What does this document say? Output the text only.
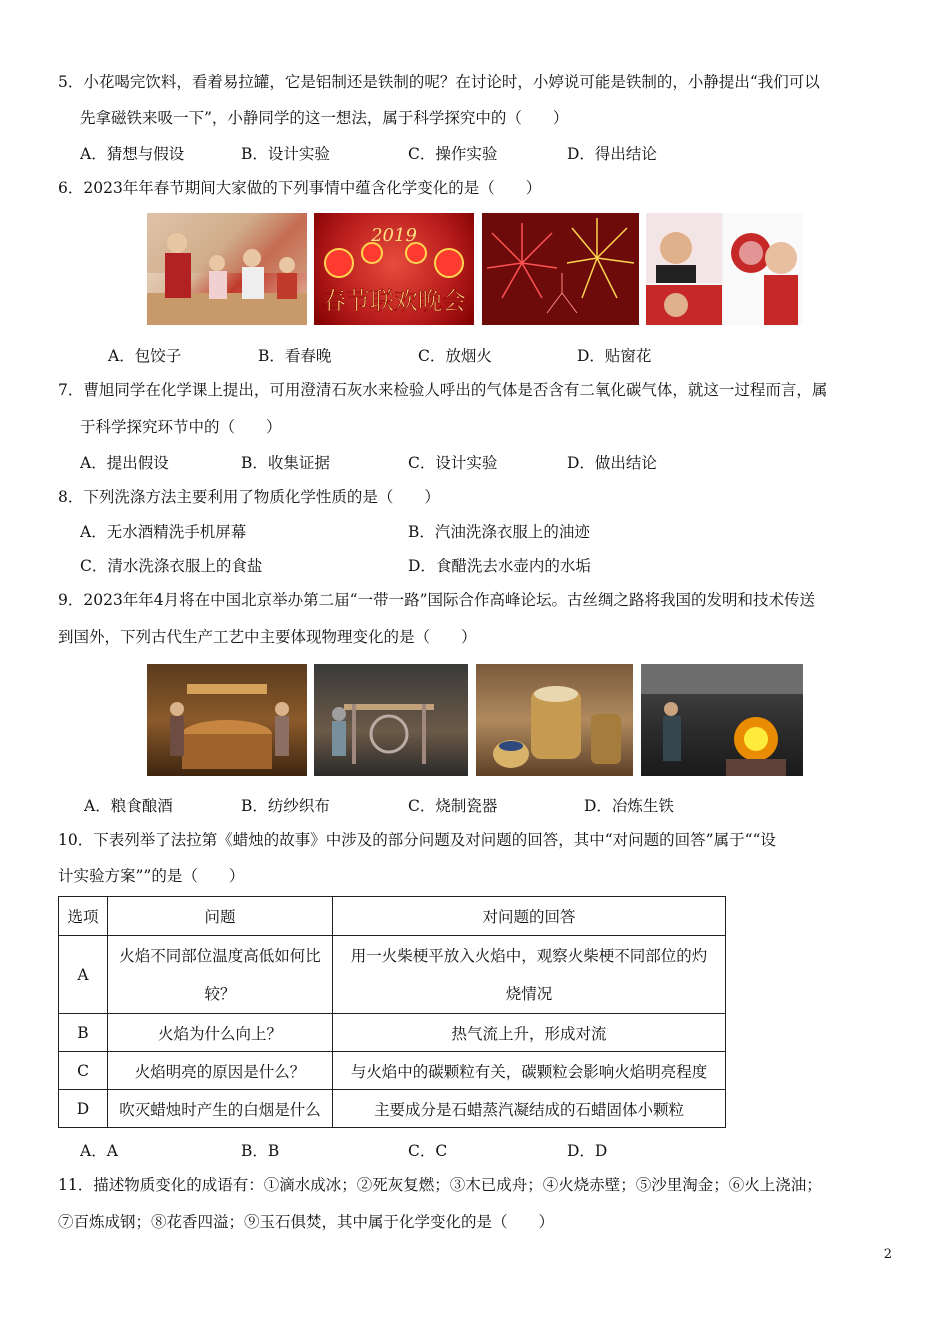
5．小花喝完饮料，看着易拉罐，它是铝制还是铁制的呢？在讨论时，小婷说可能是铁制的，小静提出“我们可以
先拿磁铁来吸一下”，小静同学的这一想法，属于科学探究中的（　　）
A．猜想与假设	B．设计实验	C．操作实验	D．得出结论
6．2023年年春节期间大家做的下列事情中蕴含化学变化的是（　　）
2019
春节联欢晚会
A．包饺子	B．看春晚	C．放烟火	D．贴窗花
7．曹旭同学在化学课上提出，可用澄清石灰水来检验人呼出的气体是否含有二氧化碳气体，就这一过程而言，属
于科学探究环节中的（　　）
A．提出假设	B．收集证据	C．设计实验	D．做出结论
8．下列洗涤方法主要利用了物质化学性质的是（　　）
A．无水酒精洗手机屏幕	B．汽油洗涤衣服上的油迹
C．清水洗涤衣服上的食盐	D．食醋洗去水壶内的水垢
9．2023年年4月将在中国北京举办第二届“一带一路”国际合作高峰论坛。古丝绸之路将我国的发明和技术传送
到国外，下列古代生产工艺中主要体现物理变化的是（　　）
A．粮食酿酒	B．纺纱织布	C．烧制瓷器	D．冶炼生铁
10．下表列举了法拉第《蜡烛的故事》中涉及的部分问题及对问题的回答，其中“对问题的回答”属于““设
计实验方案””的是（　　）
选项	问题	对问题的回答
A	火焰不同部位温度高低如何比
较？	用一火柴梗平放入火焰中，观察火柴梗不同部位的灼
烧情况
B	火焰为什么向上？	热气流上升，形成对流
C	火焰明亮的原因是什么？	与火焰中的碳颗粒有关，碳颗粒会影响火焰明亮程度
D	吹灭蜡烛时产生的白烟是什么	主要成分是石蜡蒸汽凝结成的石蜡固体小颗粒
A．A	B．B	C．C	D．D
11．描述物质变化的成语有：①滴水成冰；②死灰复燃；③木已成舟；④火烧赤壁；⑤沙里淘金；⑥火上浇油；
⑦百炼成钢；⑧花香四溢；⑨玉石俱焚，其中属于化学变化的是（　　）
2
